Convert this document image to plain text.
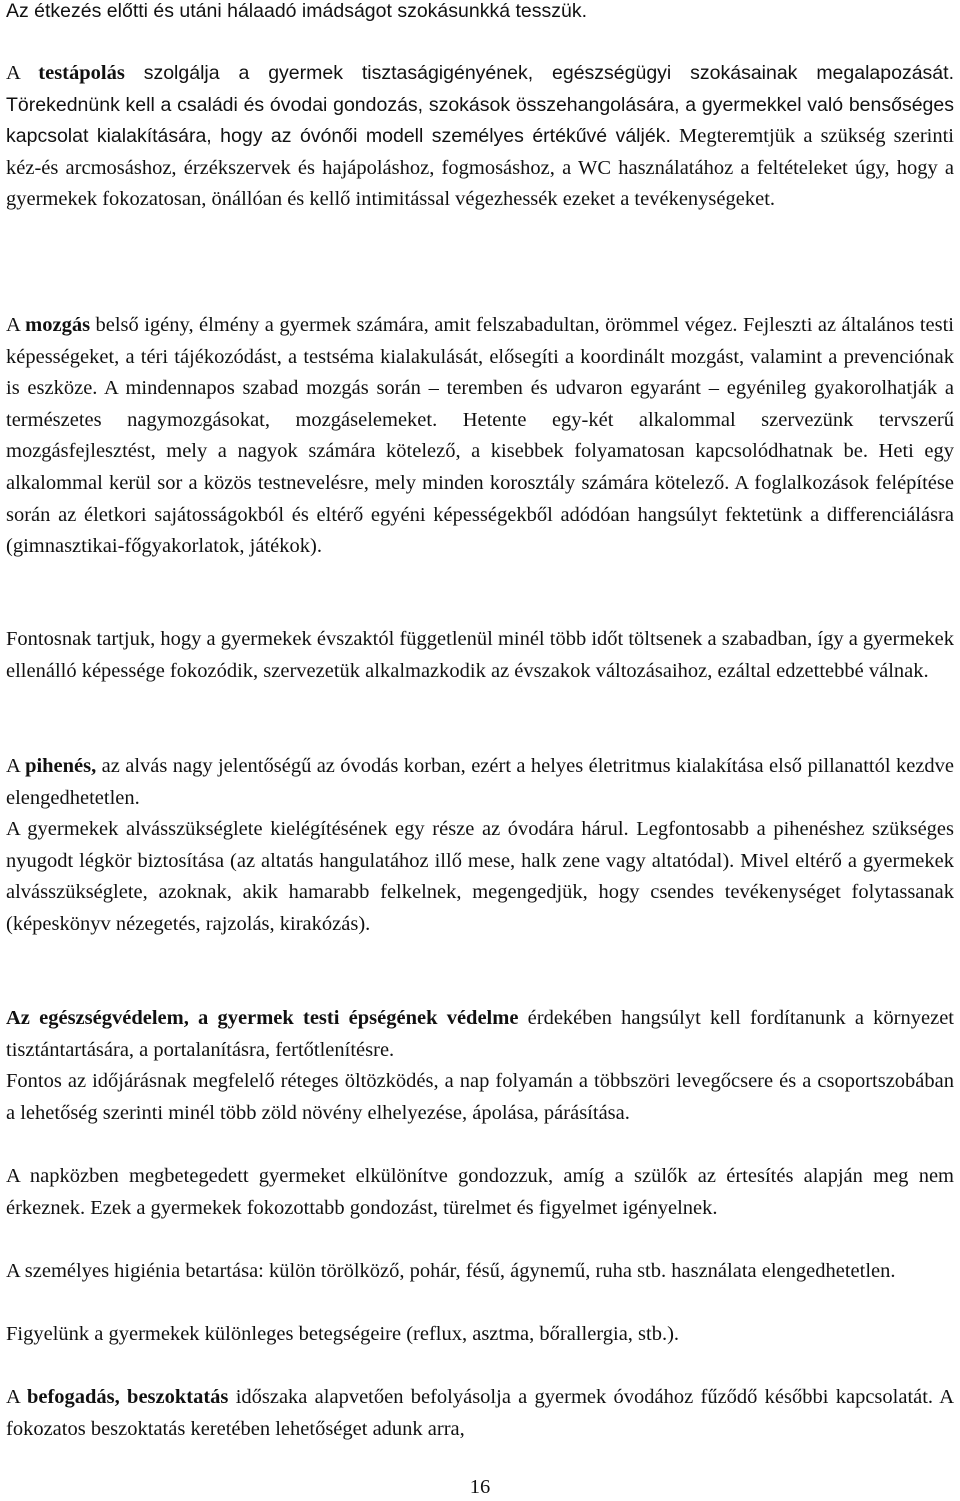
Az étkezés előtti és utáni hálaadó imádságot szokásunkká tesszük.

A testápolás szolgálja a gyermek tisztaságigényének, egészségügyi szokásainak megalapozását. Törekednünk kell a családi és óvodai gondozás, szokások összehangolására, a gyermekkel való bensőséges kapcsolat kialakítására, hogy az óvónői modell személyes értékűvé váljék. Megteremtjük a szükség szerinti kéz-és arcmosáshoz, érzékszervek és hajápoláshoz, fogmosáshoz, a WC használatához a feltételeket úgy, hogy a gyermekek fokozatosan, önállóan és kellő intimitással végezhessék ezeket a tevékenységeket.

A mozgás belső igény, élmény a gyermek számára, amit felszabadultan, örömmel végez. Fejleszti az általános testi képességeket, a téri tájékozódást, a testséma kialakulását, elősegíti a koordinált mozgást, valamint a prevenciónak is eszköze. A mindennapos szabad mozgás során – teremben és udvaron egyaránt – egyénileg gyakorolhatják a természetes nagymozgásokat, mozgáselemeket. Hetente egy-két alkalommal szervezünk tervszerű mozgásfejlesztést, mely a nagyok számára kötelező, a kisebbek folyamatosan kapcsolódhatnak be. Heti egy alkalommal kerül sor a közös testnevelésre, mely minden korosztály számára kötelező. A foglalkozások felépítése során az életkori sajátosságokból és eltérő egyéni képességekből adódóan hangsúlyt fektetünk a differenciálásra (gimnasztikai-főgyakorlatok, játékok).

Fontosnak tartjuk, hogy a gyermekek évszaktól függetlenül minél több időt töltsenek a szabadban, így a gyermekek ellenálló képessége fokozódik, szervezetük alkalmazkodik az évszakok változásaihoz, ezáltal edzettebbé válnak.

A pihenés, az alvás nagy jelentőségű az óvodás korban, ezért a helyes életritmus kialakítása első pillanattól kezdve elengedhetetlen.

A gyermekek alvásszükséglete kielégítésének egy része az óvodára hárul. Legfontosabb a pihenéshez szükséges nyugodt légkör biztosítása (az altatás hangulatához illő mese, halk zene vagy altatódal). Mivel eltérő a gyermekek alvásszükséglete, azoknak, akik hamarabb felkelnek, megengedjük, hogy csendes tevékenységet folytassanak (képeskönyv nézegetés, rajzolás, kirakózás).

Az egészségvédelem, a gyermek testi épségének védelme érdekében hangsúlyt kell fordítanunk a környezet tisztántartására, a portalanításra, fertőtlenítésre.

Fontos az időjárásnak megfelelő réteges öltözködés, a nap folyamán a többszöri levegőcsere és a csoportszobában a lehetőség szerinti minél több zöld növény elhelyezése, ápolása, párásítása.

A napközben megbetegedett gyermeket elkülönítve gondozzuk, amíg a szülők az értesítés alapján meg nem érkeznek. Ezek a gyermekek fokozottabb gondozást, türelmet és figyelmet igényelnek.

A személyes higiénia betartása: külön törölköző, pohár, fésű, ágynemű, ruha stb. használata elengedhetetlen.

Figyelünk a gyermekek különleges betegségeire (reflux, asztma, bőrallergia, stb.).

A befogadás, beszoktatás időszaka alapvetően befolyásolja a gyermek óvodához fűződő későbbi kapcsolatát. A fokozatos beszoktatás keretében lehetőséget adunk arra,

16
